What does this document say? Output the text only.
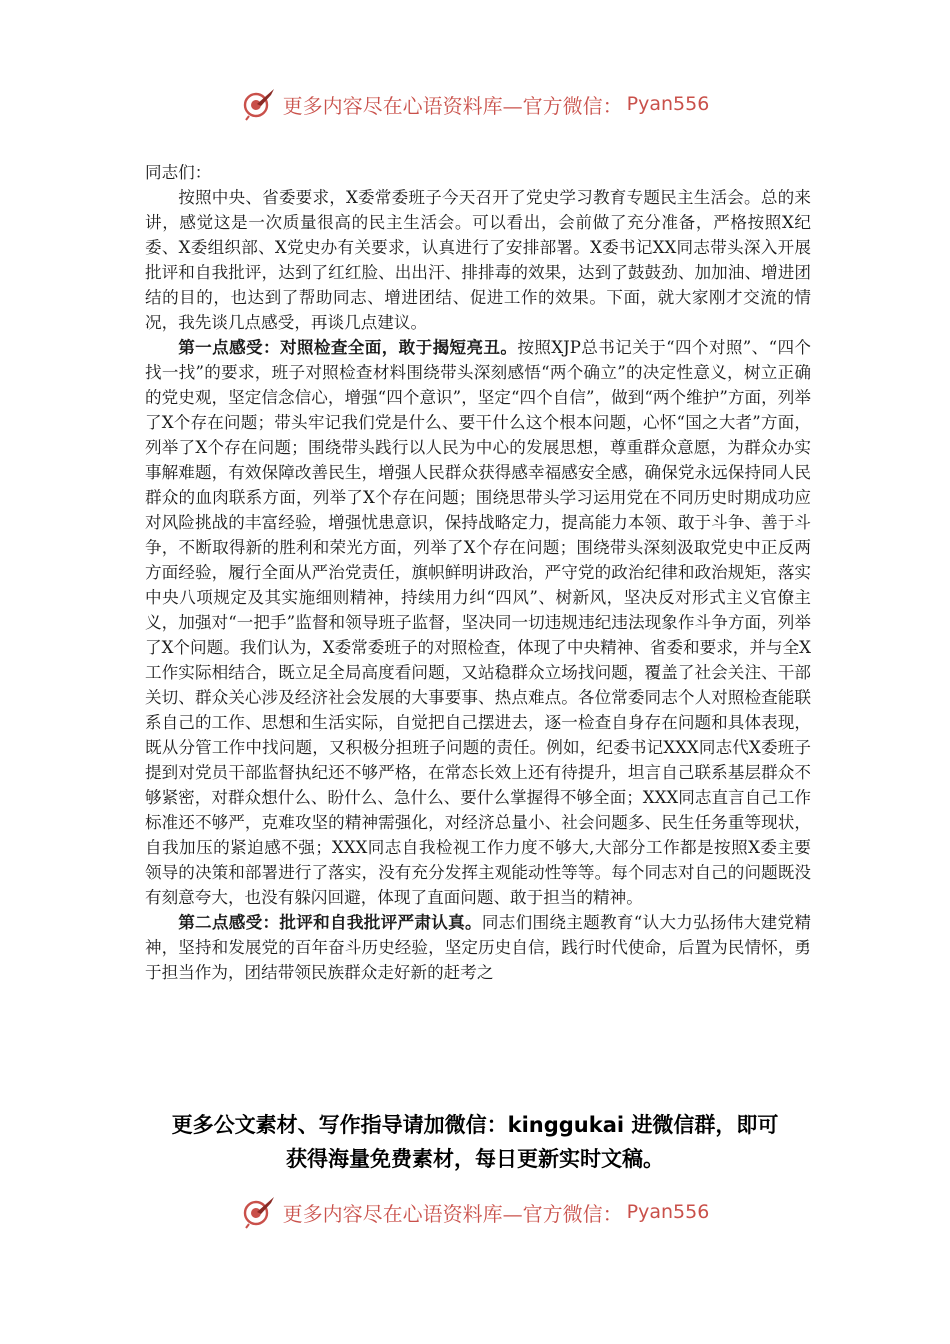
更多内容尽在心语资料库—官方微信： Pyan556

同志们：

按照中央、省委要求，X委常委班子今天召开了党史学习教育专题民主生活会。总的来讲，感觉这是一次质量很高的民主生活会。可以看出，会前做了充分准备，严格按照X纪委、X委组织部、X党史办有关要求，认真进行了安排部署。X委书记XX同志带头深入开展批评和自我批评，达到了红红脸、出出汗、排排毒的效果，达到了鼓鼓劲、加加油、增进团结的目的，也达到了帮助同志、增进团结、促进工作的效果。下面，就大家刚才交流的情况，我先谈几点感受，再谈几点建议。

第一点感受：对照检查全面，敢于揭短亮丑。按照XJP总书记关于“四个对照”、“四个找一找”的要求，班子对照检查材料围绕带头深刻感悟“两个确立”的决定性意义，树立正确的党史观，坚定信念信心，增强“四个意识”，坚定“四个自信”，做到“两个维护”方面，列举了X个存在问题；带头牢记我们党是什么、要干什么这个根本问题，心怀“国之大者”方面，列举了X个存在问题；围绕带头践行以人民为中心的发展思想，尊重群众意愿，为群众办实事解难题，有效保障改善民生，增强人民群众获得感幸福感安全感，确保党永远保持同人民群众的血肉联系方面，列举了X个存在问题；围绕思带头学习运用党在不同历史时期成功应对风险挑战的丰富经验，增强忧患意识，保持战略定力，提高能力本领、敢于斗争、善于斗争，不断取得新的胜利和荣光方面，列举了X个存在问题；围绕带头深刻汲取党史中正反两方面经验，履行全面从严治党责任，旗帜鲜明讲政治，严守党的政治纪律和政治规矩，落实中央八项规定及其实施细则精神，持续用力纠“四风”、树新风，坚决反对形式主义官僚主义，加强对“一把手”监督和领导班子监督，坚决同一切违规违纪违法现象作斗争方面，列举了X个问题。我们认为，X委常委班子的对照检查，体现了中央精神、省委和要求，并与全X工作实际相结合，既立足全局高度看问题，又站稳群众立场找问题，覆盖了社会关注、干部关切、群众关心涉及经济社会发展的大事要事、热点难点。各位常委同志个人对照检查能联系自己的工作、思想和生活实际，自觉把自己摆进去，逐一检查自身存在问题和具体表现，既从分管工作中找问题，又积极分担班子问题的责任。例如，纪委书记XXX同志代X委班子提到对党员干部监督执纪还不够严格，在常态长效上还有待提升，坦言自己联系基层群众不够紧密，对群众想什么、盼什么、急什么、要什么掌握得不够全面；XXX同志直言自己工作标准还不够严，克难攻坚的精神需强化，对经济总量小、社会问题多、民生任务重等现状，自我加压的紧迫感不强；XXX同志自我检视工作力度不够大,大部分工作都是按照X委主要领导的决策和部署进行了落实，没有充分发挥主观能动性等等。每个同志对自己的问题既没有刻意夸大，也没有躲闪回避，体现了直面问题、敢于担当的精神。

第二点感受：批评和自我批评严肃认真。同志们围绕主题教育“认大力弘扬伟大建党精神，坚持和发展党的百年奋斗历史经验，坚定历史自信，践行时代使命，后置为民情怀，勇于担当作为，团结带领民族群众走好新的赶考之

更多公文素材、写作指导请加微信：kinggukai 进微信群，即可
获得海量免费素材，每日更新实时文稿。
更多内容尽在心语资料库—官方微信： Pyan556
